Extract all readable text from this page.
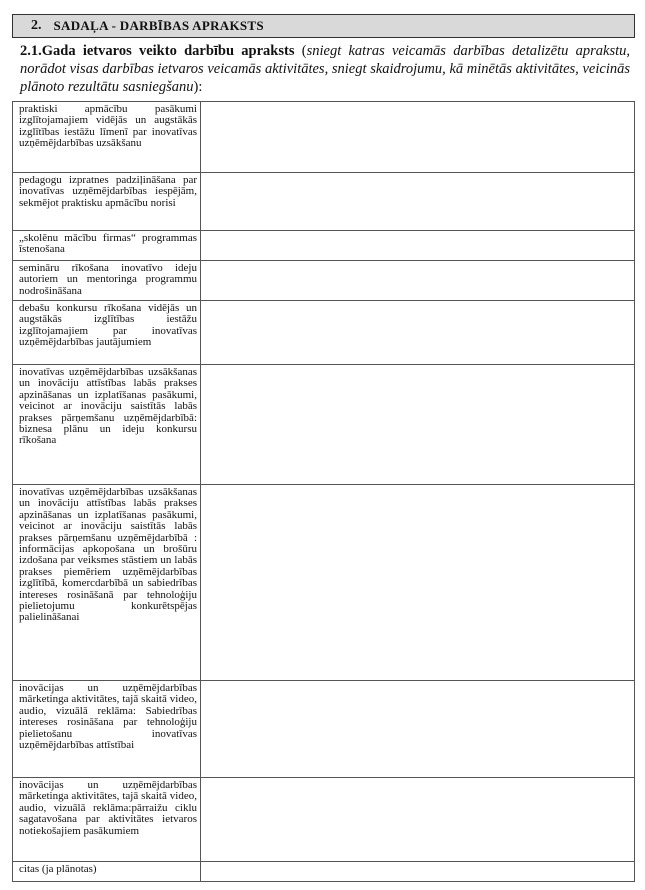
2. SADAĻA - DARBĪBAS APRAKSTS
2.1.Gada ietvaros veikto darbību apraksts (sniegt katras veicamās darbības detalizētu aprakstu, norādot visas darbības ietvaros veicamās aktivitātes, sniegt skaidrojumu, kā minētās aktivitātes, veicinās plānoto rezultātu sasniegšanu):
praktiski apmācību pasākumi izglītojamajiem vidējās un augstākās izglītības iestāžu līmenī par inovatīvas uzņēmējdarbības uzsākšanu	

pedagogu izpratnes padziļināšana par inovatīvas uzņēmējdarbības iespējām, sekmējot praktisku apmācību norisi	

„skolēnu mācību firmas“ programmas īstenošana	

semināru rīkošana inovatīvo ideju autoriem un mentoringa programmu nodrošināšana	

debašu konkursu rīkošana vidējās un augstākās izglītības iestāžu izglītojamajiem par inovatīvas uzņēmējdarbības jautājumiem	

inovatīvas uzņēmējdarbības uzsākšanas un inovāciju attīstības labās prakses apzināšanas un izplatīšanas pasākumi, veicinot ar inovāciju saistītās labās prakses pārņemšanu uzņēmējdarbībā: biznesa plānu un ideju konkursu rīkošana	

inovatīvas uzņēmējdarbības uzsākšanas un inovāciju attīstības labās prakses apzināšanas un izplatīšanas pasākumi, veicinot ar inovāciju saistītās labās prakses pārņemšanu uzņēmējdarbībā : informācijas apkopošana un brošūru izdošana par veiksmes stāstiem un labās prakses piemēriem uzņēmējdarbības izglītībā, komercdarbībā un sabiedrības intereses rosināšanā par tehnoloģiju pielietojumu konkurētspējas palielināšanai	

inovācijas un uzņēmējdarbības mārketinga aktivitātes, tajā skaitā video, audio, vizuālā reklāma: Sabiedrības intereses rosināšana par tehnoloģiju pielietošanu inovatīvas uzņēmējdarbības attīstībai	

inovācijas un uzņēmējdarbības mārketinga aktivitātes, tajā skaitā video, audio, vizuālā reklāma:pārraižu ciklu sagatavošana par aktivitātes ietvaros notiekošajiem pasākumiem	

citas (ja plānotas)	
